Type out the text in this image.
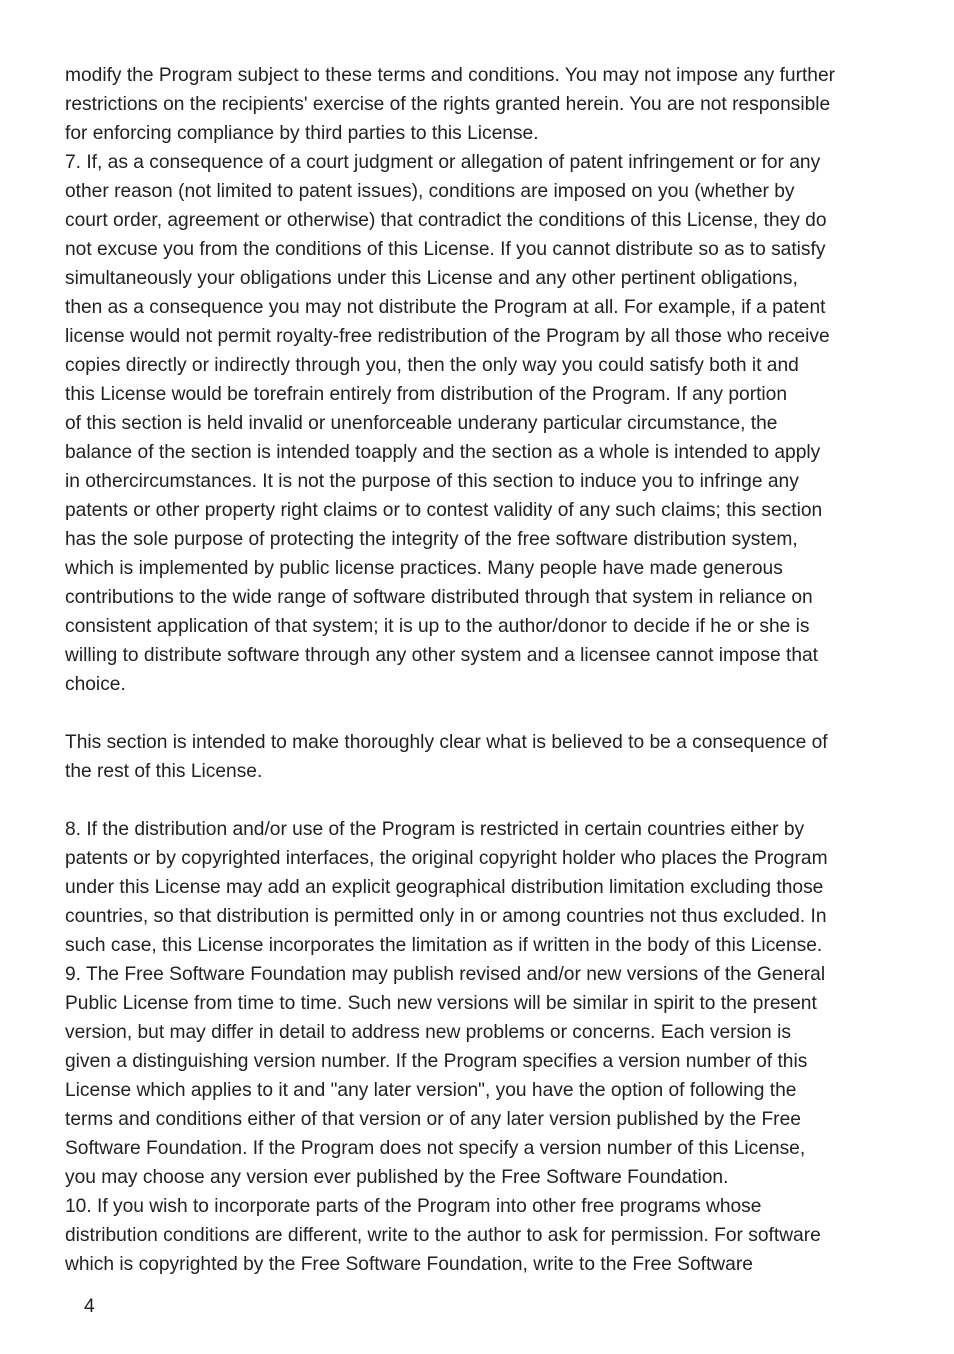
modify the Program subject to these terms and conditions. You may not impose any further
restrictions on the recipients' exercise of the rights granted herein. You are not responsible
for enforcing compliance by third parties to this License.
7. If, as a consequence of a court judgment or allegation of patent infringement or for any
other reason (not limited to patent issues), conditions are imposed on you (whether by
court order, agreement or otherwise) that contradict the conditions of this License, they do
not excuse you from the conditions of this License. If you cannot distribute so as to satisfy
simultaneously your obligations under this License and any other pertinent obligations,
then as a consequence you may not distribute the Program at all. For example, if a patent
license would not permit royalty-free redistribution of the Program by all those who receive
copies directly or indirectly through you, then the only way you could satisfy both it and
this License would be torefrain entirely from distribution of the Program. If any portion
of this section is held invalid or unenforceable underany particular circumstance, the
balance of the section is intended toapply and the section as a whole is intended to apply
in othercircumstances. It is not the purpose of this section to induce you to infringe any
patents or other property right claims or to contest validity of any such claims; this section
has the sole purpose of protecting the integrity of the free software distribution system,
which is implemented by public license practices. Many people have made generous
contributions to the wide range of software distributed through that system in reliance on
consistent application of that system; it is up to the author/donor to decide if he or she is
willing to distribute software through any other system and a licensee cannot impose that
choice.

This section is intended to make thoroughly clear what is believed to be a consequence of
the rest of this License.

8. If the distribution and/or use of the Program is restricted in certain countries either by
patents or by copyrighted interfaces, the original copyright holder who places the Program
under this License may add an explicit geographical distribution limitation excluding those
countries, so that distribution is permitted only in or among countries not thus excluded. In
such case, this License incorporates the limitation as if written in the body of this License.
9. The Free Software Foundation may publish revised and/or new versions of the General
Public License from time to time. Such new versions will be similar in spirit to the present
version, but may differ in detail to address new problems or concerns. Each version is
given a distinguishing version number. If the Program specifies a version number of this
License which applies to it and "any later version", you have the option of following the
terms and conditions either of that version or of any later version published by the Free
Software Foundation. If the Program does not specify a version number of this License,
you may choose any version ever published by the Free Software Foundation.
10. If you wish to incorporate parts of the Program into other free programs whose
distribution conditions are different, write to the author to ask for permission. For software
which is copyrighted by the Free Software Foundation, write to the Free Software

4
